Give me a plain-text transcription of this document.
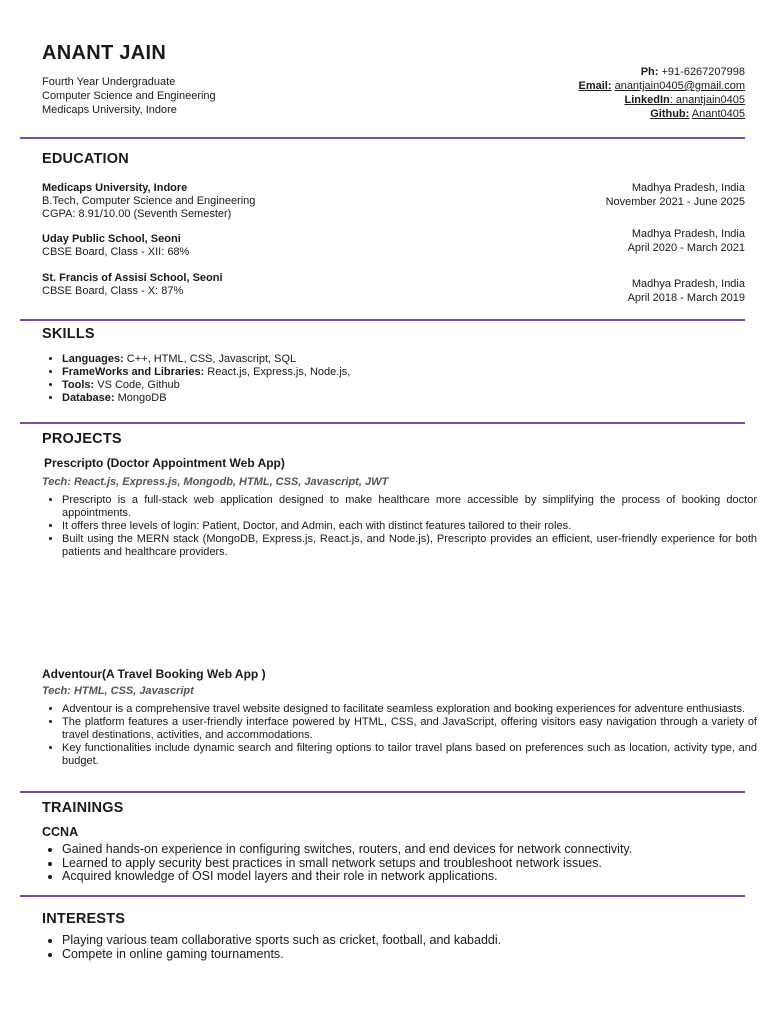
ANANT JAIN
Fourth Year Undergraduate
Computer Science and Engineering
Medicaps University, Indore
Ph: +91-6267207998
Email: anantjain0405@gmail.com
LinkedIn: anantjain0405
Github: Anant0405
EDUCATION
Medicaps University, Indore
B.Tech, Computer Science and Engineering
CGPA: 8.91/10.00 (Seventh Semester)
Madhya Pradesh, India
November 2021 - June 2025
Uday Public School, Seoni
CBSE Board, Class - XII: 68%
Madhya Pradesh, India
April 2020 - March 2021
St. Francis of Assisi School, Seoni
CBSE Board, Class - X: 87%
Madhya Pradesh, India
April 2018 - March 2019
SKILLS
• Languages: C++, HTML, CSS, Javascript, SQL
• FrameWorks and Libraries: React.js, Express.js, Node.js,
• Tools: VS Code, Github
• Database: MongoDB
PROJECTS
Prescripto (Doctor Appointment Web App)
Tech: React.js, Express.js, Mongodb, HTML, CSS, Javascript, JWT
• Prescripto is a full-stack web application designed to make healthcare more accessible by simplifying the process of booking doctor appointments.
• It offers three levels of login: Patient, Doctor, and Admin, each with distinct features tailored to their roles.
• Built using the MERN stack (MongoDB, Express.js, React.js, and Node.js), Prescripto provides an efficient, user-friendly experience for both patients and healthcare providers.
Adventour(A Travel Booking Web App )
Tech: HTML, CSS, Javascript
• Adventour is a comprehensive travel website designed to facilitate seamless exploration and booking experiences for adventure enthusiasts.
• The platform features a user-friendly interface powered by HTML, CSS, and JavaScript, offering visitors easy navigation through a variety of travel destinations, activities, and accommodations.
• Key functionalities include dynamic search and filtering options to tailor travel plans based on preferences such as location, activity type, and budget.
TRAININGS
CCNA
• Gained hands-on experience in configuring switches, routers, and end devices for network connectivity.
• Learned to apply security best practices in small network setups and troubleshoot network issues.
• Acquired knowledge of OSI model layers and their role in network applications.
INTERESTS
• Playing various team collaborative sports such as cricket, football, and kabaddi.
• Compete in online gaming tournaments.
